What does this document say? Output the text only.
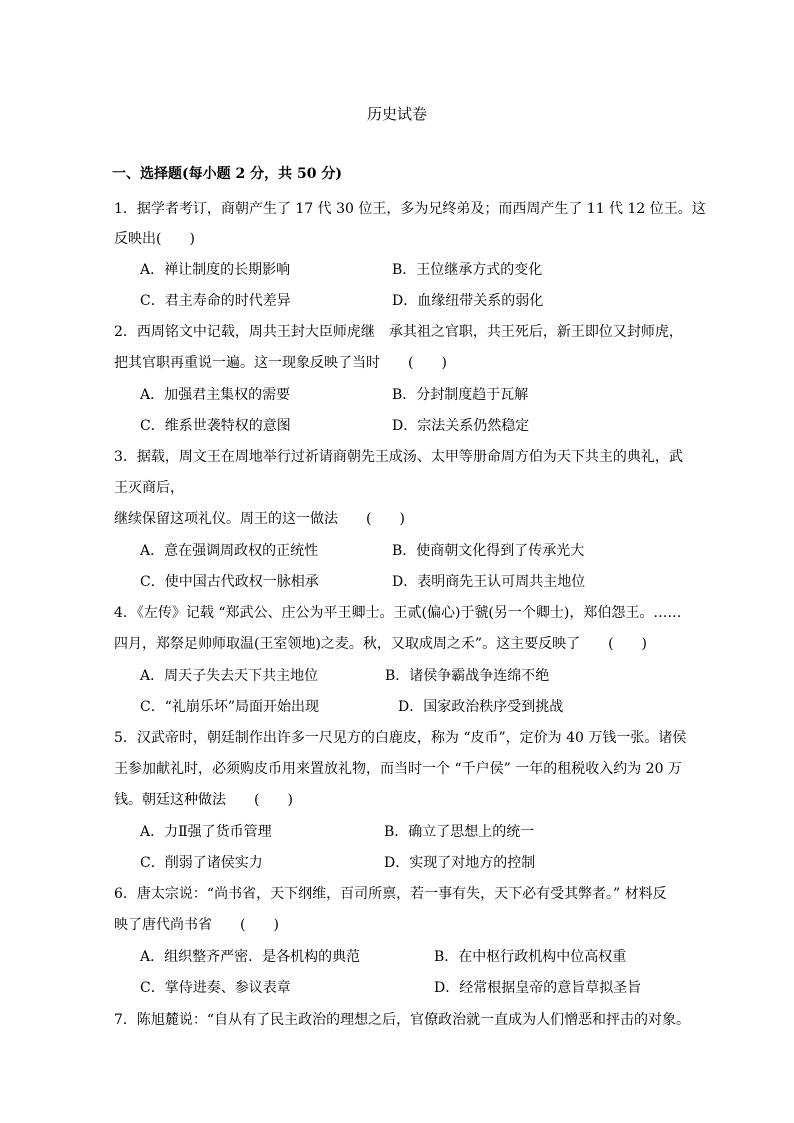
历史试卷
一、选择题(每小题 2 分，共 50 分)
1．据学者考订，商朝产生了 17 代 30 位王，多为兄终弟及；而西周产生了 11 代 12 位王。这
反映出(　　)
A．禅让制度的长期影响	B．王位继承方式的变化
C．君主寿命的时代差异	D．血缘纽带关系的弱化
2．西周铭文中记载，周共王封大臣师虎继　承其祖之官职，共王死后，新王即位又封师虎，
把其官职再重说一遍。这一现象反映了当时　　(　　)
A．加强君主集权的需要	B．分封制度趋于瓦解
C．维系世袭特权的意图	D．宗法关系仍然稳定
3．据载，周文王在周地举行过祈请商朝先王成汤、太甲等册命周方伯为天下共主的典礼，武
王灭商后，
继续保留这项礼仪。周王的这一做法　　(　　)
A．意在强调周政权的正统性	B．使商朝文化得到了传承光大
C．使中国古代政权一脉相承	D．表明商先王认可周共主地位
4．《左传》记载 “郑武公、庄公为平王卿士。王贰(偏心)于虢(另一个卿士)，郑伯怨王。……
四月，郑祭足帅师取温(王室领地)之麦。秋，又取成周之禾”。这主要反映了　　(　　)
A．周天子失去天下共主地位	B．诸侯争霸战争连绵不绝
C．“礼崩乐坏”局面开始出现	D．国家政治秩序受到挑战
5．汉武帝时，朝廷制作出许多一尺见方的白鹿皮，称为 “皮币”，定价为 40 万钱一张。诸侯
王参加献礼时，必须购皮币用来置放礼物，而当时一个 “千户侯” 一年的租税收入约为 20 万
钱。朝廷这种做法　　(　　)
A．力Ⅱ强了货币管理	B．确立了思想上的统一
C．削弱了诸侯实力	D．实现了对地方的控制
6．唐太宗说：“尚书省，天下纲维，百司所禀，若一事有失，天下必有受其弊者。” 材料反
映了唐代尚书省　　(　　)
A．组织整齐严密．是各机构的典范	B．在中枢行政机构中位高权重
C．掌侍进奏、参议表章	D．经常根据皇帝的意旨草拟圣旨
7．陈旭麓说：“自从有了民主政治的理想之后，官僚政治就一直成为人们憎恶和抨击的对象。
